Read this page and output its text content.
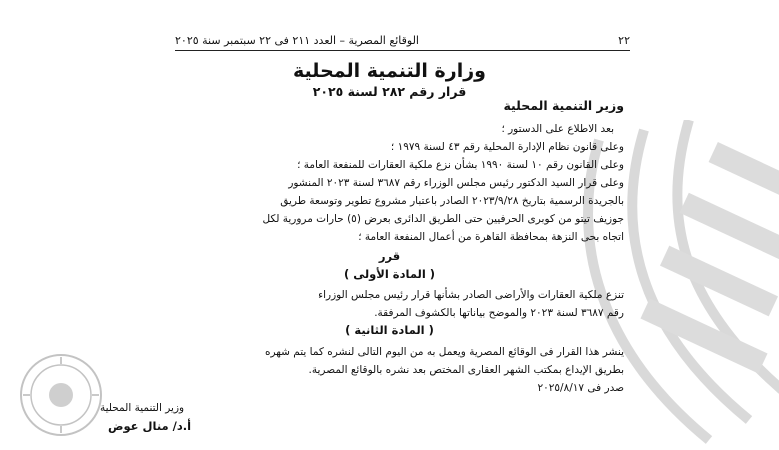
٢٢
الوقائع المصرية – العدد ٢١١ فى ٢٢ سبتمبر سنة ٢٠٢٥
وزارة التنمية المحلية
قرار رقم ٢٨٢ لسنة ٢٠٢٥
وزير التنمية المحلية
بعد الاطلاع على الدستور ؛
وعلى قانون نظام الإدارة المحلية رقم ٤٣ لسنة ١٩٧٩ ؛
وعلى القانون رقم ١٠ لسنة ١٩٩٠ بشأن نزع ملكية العقارات للمنفعة العامة ؛
وعلى قرار السيد الدكتور رئيس مجلس الوزراء رقم ٣٦٨٧ لسنة ٢٠٢٣ المنشور
بالجريدة الرسمية بتاريخ ٢٠٢٣/٩/٢٨ الصادر باعتبار مشروع تطوير وتوسعة طريق
جوزيف تيتو من كوبرى الحرفيين حتى الطريق الدائرى بعرض (٥) حارات مرورية لكل
اتجاه بحى النزهة بمحافظة القاهرة من أعمال المنفعة العامة ؛
قرر
( المادة الأولى )
تنزع ملكية العقارات والأراضى الصادر بشأنها قرار رئيس مجلس الوزراء
رقم ٣٦٨٧ لسنة ٢٠٢٣ والموضح بياناتها بالكشوف المرفقة.
( المادة الثانية )
ينشر هذا القرار فى الوقائع المصرية ويعمل به من اليوم التالى لنشره كما يتم شهره
بطريق الإيداع بمكتب الشهر العقارى المختص بعد نشره بالوقائع المصرية.
صدر فى ٢٠٢٥/٨/١٧
وزير التنمية المحلية
أ.د/ منال عوض
